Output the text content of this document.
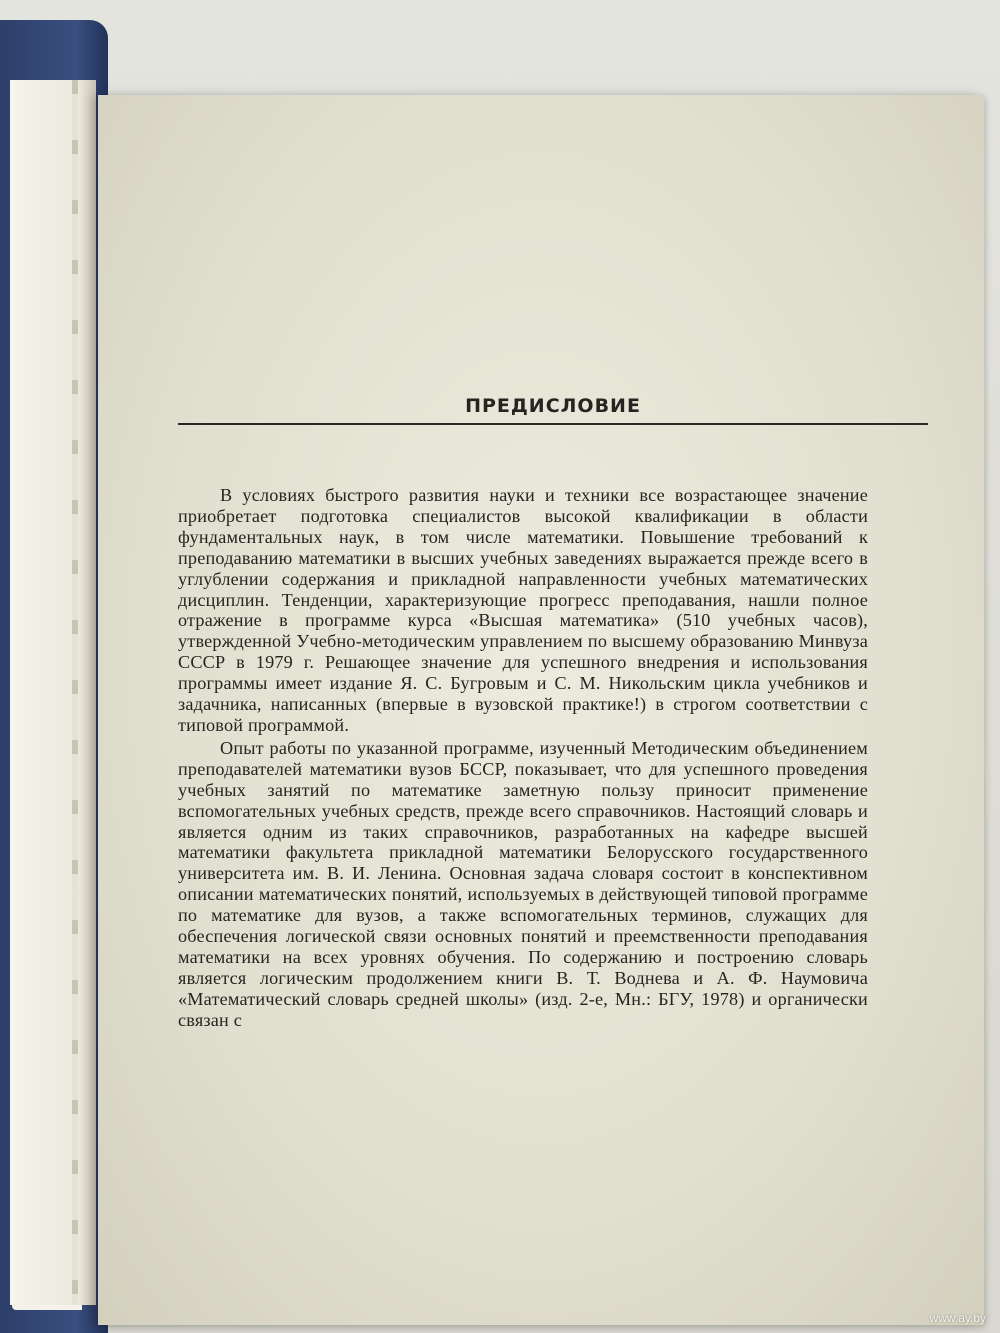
ПРЕДИСЛОВИЕ

В условиях быстрого развития науки и техники все возрастающее значение приобретает подготовка специалистов высокой квалификации в области фундаментальных наук, в том числе математики. Повышение требований к преподаванию математики в высших учебных заведениях выражается прежде всего в углублении содержания и прикладной направленности учебных математических дисциплин. Тенденции, характеризующие прогресс преподавания, нашли полное отражение в программе курса «Высшая математика» (510 учебных часов), утвержденной Учебно-методическим управлением по высшему образованию Минвуза СССР в 1979 г. Решающее значение для успешного внедрения и использования программы имеет издание Я. С. Бугровым и С. М. Никольским цикла учебников и задачника, написанных (впервые в вузовской практике!) в строгом соответствии с типовой программой.

Опыт работы по указанной программе, изученный Методическим объединением преподавателей математики вузов БССР, показывает, что для успешного проведения учебных занятий по математике заметную пользу приносит применение вспомогательных учебных средств, прежде всего справочников. Настоящий словарь и является одним из таких справочников, разработанных на кафедре высшей математики факультета прикладной математики Белорусского государственного университета им. В. И. Ленина. Основная задача словаря состоит в конспективном описании математических понятий, используемых в действующей типовой программе по математике для вузов, а также вспомогательных терминов, служащих для обеспечения логической связи основных понятий и преемственности преподавания математики на всех уровнях обучения. По содержанию и построению словарь является логическим продолжением книги В. Т. Воднева и А. Ф. Наумовича «Математический словарь средней школы» (изд. 2-е, Мн.: БГУ, 1978) и органически связан с

www.ay.by
